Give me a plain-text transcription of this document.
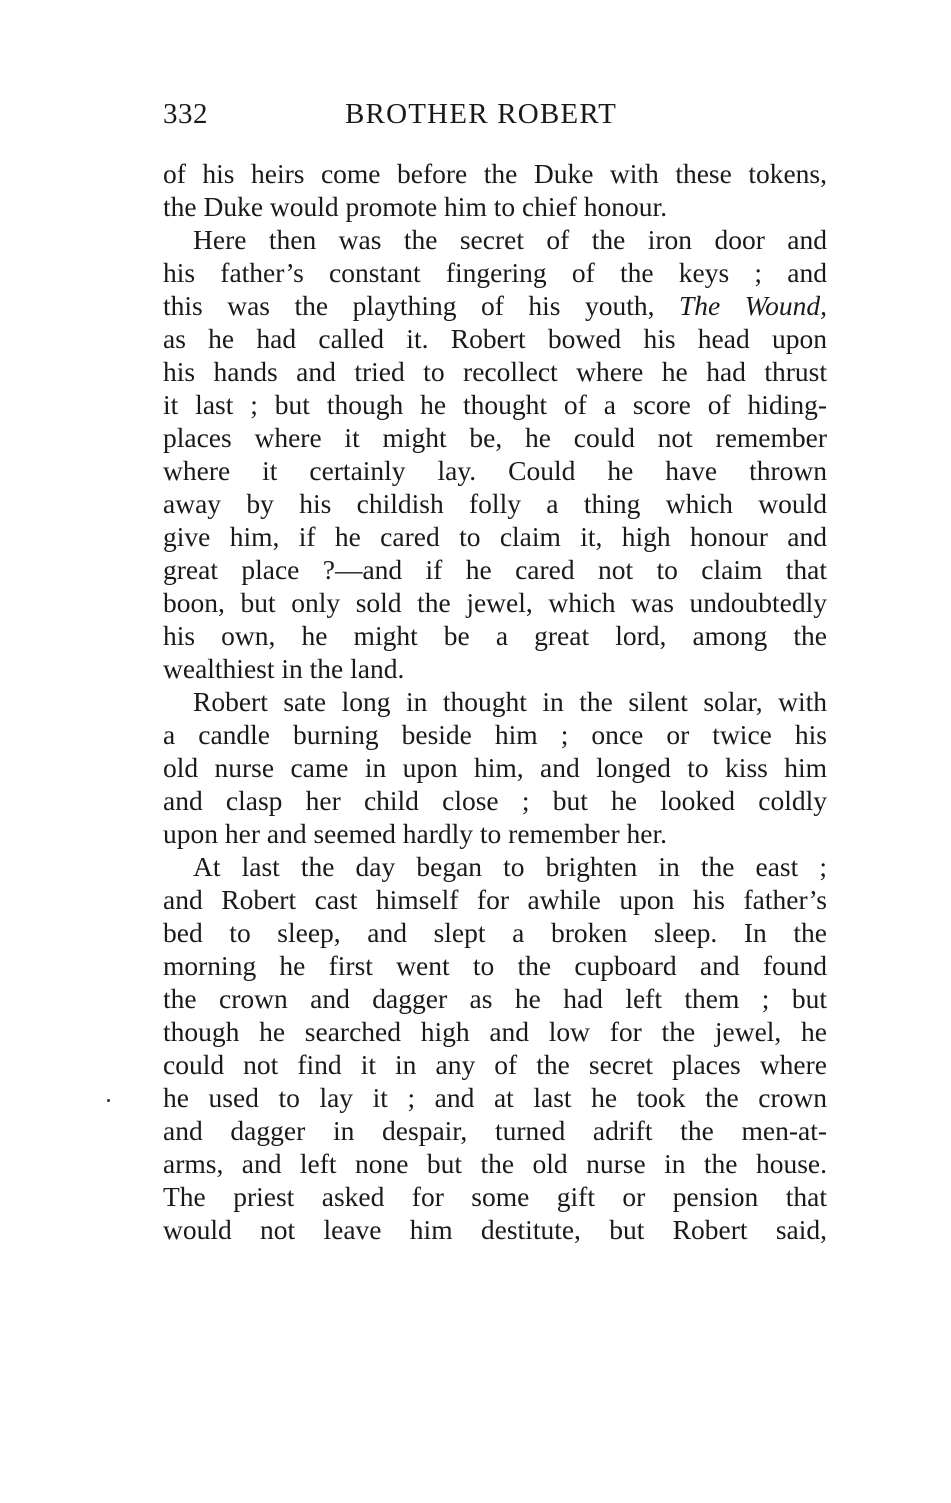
332	BROTHER ROBERT
of his heirs come before the Duke with these tokens,
the Duke would promote him to chief honour.
Here then was the secret of the iron door and
his father’s constant fingering of the keys ; and
this was the plaything of his youth, The Wound,
as he had called it. Robert bowed his head upon
his hands and tried to recollect where he had thrust
it last ; but though he thought of a score of hiding-
places where it might be, he could not remember
where it certainly lay. Could he have thrown
away by his childish folly a thing which would
give him, if he cared to claim it, high honour and
great place ?—and if he cared not to claim that
boon, but only sold the jewel, which was undoubtedly
his own, he might be a great lord, among the
wealthiest in the land.
Robert sate long in thought in the silent solar, with
a candle burning beside him ; once or twice his
old nurse came in upon him, and longed to kiss him
and clasp her child close ; but he looked coldly
upon her and seemed hardly to remember her.
At last the day began to brighten in the east ;
and Robert cast himself for awhile upon his father’s
bed to sleep, and slept a broken sleep. In the
morning he first went to the cupboard and found
the crown and dagger as he had left them ; but
though he searched high and low for the jewel, he
could not find it in any of the secret places where
he used to lay it ; and at last he took the crown
and dagger in despair, turned adrift the men-at-
arms, and left none but the old nurse in the house.
The priest asked for some gift or pension that
would not leave him destitute, but Robert said,
